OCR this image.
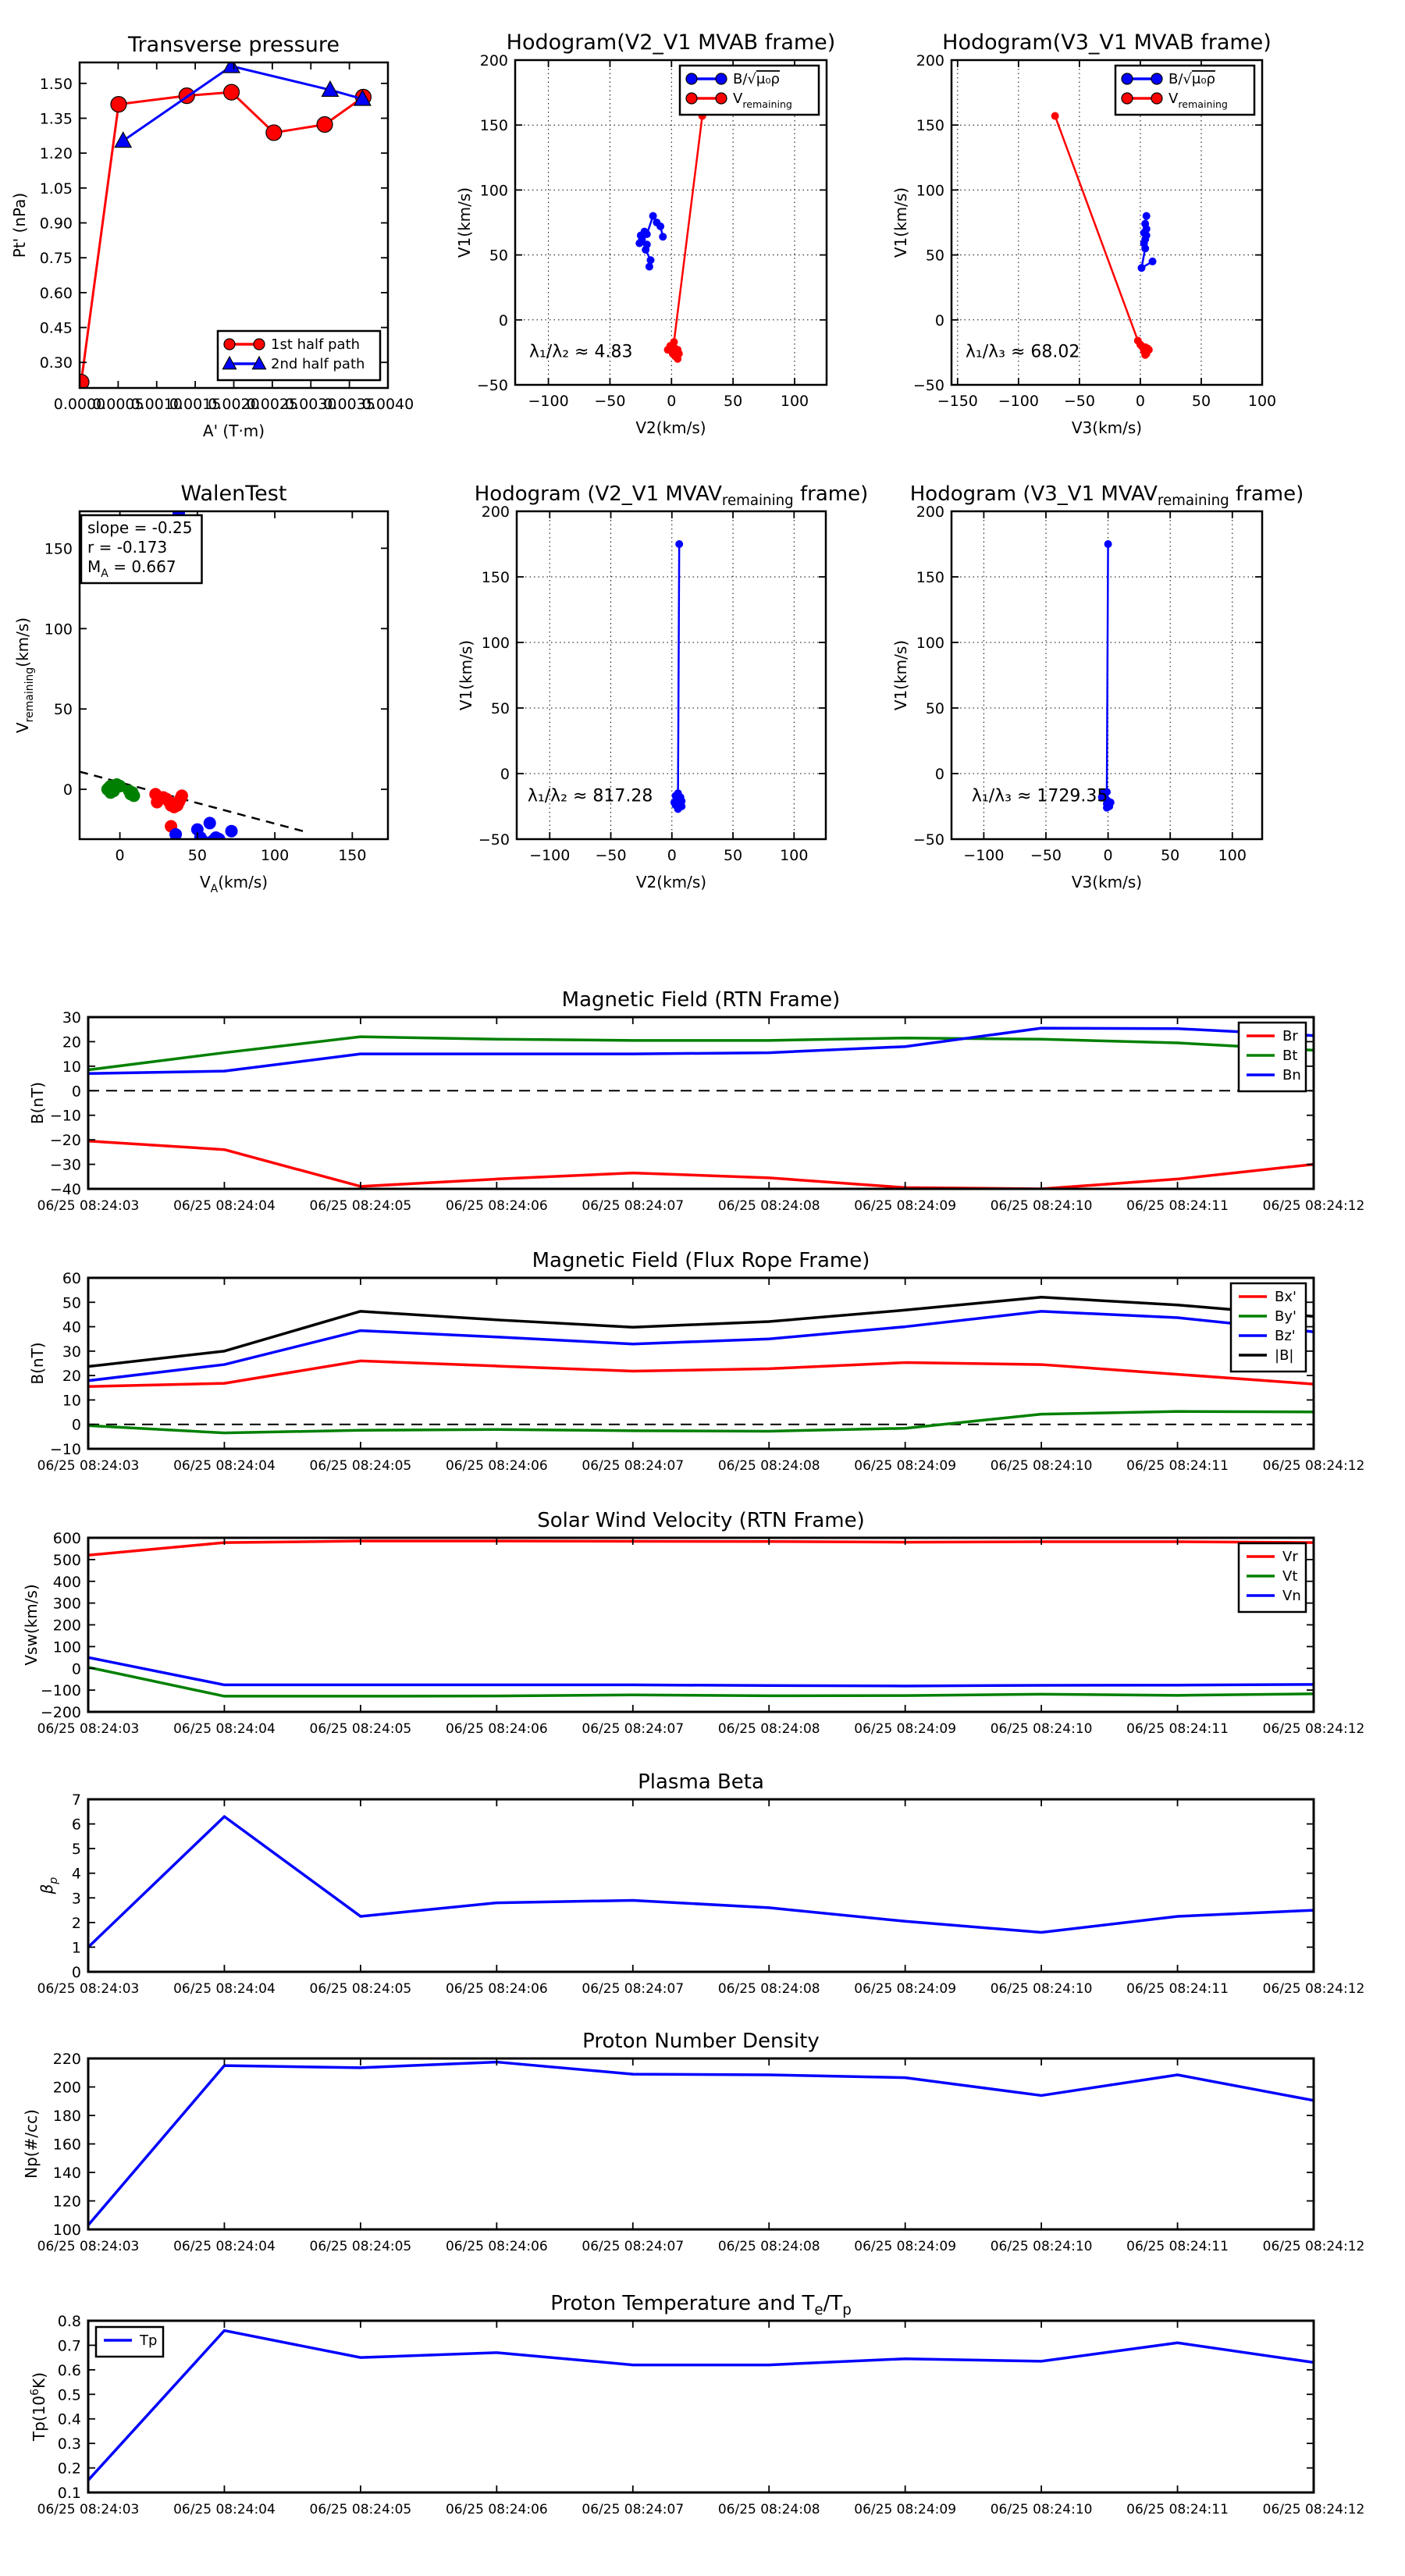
0.0000
0.0005
0.0010
0.0015
0.0020
0.0025
0.0030
0.0035
0.0040
0.30
0.45
0.60
0.75
0.90
1.05
1.20
1.35
1.50
Transverse pressure
A' (T·m)
Pt' (nPa)
1st half path
2nd half path
−100 −50	0	50	100
−50
0
50
100
150
200
Hodogram(V2_V1 MVAB frame)
V2(km/s)
V1(km/s)
λ₁/λ₂ ≈ 4.83
B/√μ₀ρ
$V_{remaining}$
−150 −100 −50	0	50	100
−50
0
50
100
150
200
Hodogram(V3_V1 MVAB frame)
V3(km/s)
V1(km/s)
λ₁/λ₃ ≈ 68.02
B/√μ₀ρ
$V_{remaining}$
0	50	100	150
0
50
100
150
WalenTest
$V_A(km/s)$
$V_{remaining}(km/s)$
slope = -0.25
r = -0.173
$M_A = 0.667$
−100 −50	0	50	100
−50
0
50
100
150
200
Hodogram (V2_V1 $MVAV_{remaining}$ frame)
V2(km/s)
V1(km/s)
λ₁/λ₂ ≈ 817.28
−100 −50	0	50	100
−50
0
50
100
150
200
Hodogram (V3_V1 $MVAV_{remaining}$ frame)
V3(km/s)
V1(km/s)
λ₁/λ₃ ≈ 1729.35
06/25 08:24:03	06/25 08:24:04	06/25 08:24:05	06/25 08:24:06	06/25 08:24:07	06/25 08:24:08	06/25 08:24:09	06/25 08:24:10	06/25 08:24:11	06/25 08:24:12
−40
−30
−20
−10
0
10
20
30
Magnetic Field (RTN Frame)
B(nT)
Br
Bt
Bn
06/25 08:24:03	06/25 08:24:04	06/25 08:24:05	06/25 08:24:06	06/25 08:24:07	06/25 08:24:08	06/25 08:24:09	06/25 08:24:10	06/25 08:24:11	06/25 08:24:12
−10
0
10
20
30
40
50
60
Magnetic Field (Flux Rope Frame)
B(nT)
Bx'
By'
Bz'
|B|
06/25 08:24:03	06/25 08:24:04	06/25 08:24:05	06/25 08:24:06	06/25 08:24:07	06/25 08:24:08	06/25 08:24:09	06/25 08:24:10	06/25 08:24:11	06/25 08:24:12
−200
−100
0
100
200
300
400
500
600
Solar Wind Velocity (RTN Frame)
Vsw(km/s)
Vr
Vt
Vn
06/25 08:24:03	06/25 08:24:04	06/25 08:24:05	06/25 08:24:06	06/25 08:24:07	06/25 08:24:08	06/25 08:24:09	06/25 08:24:10	06/25 08:24:11	06/25 08:24:12
0
1
2
3
4
5
6
7
Plasma Beta
$\beta_p$
06/25 08:24:03	06/25 08:24:04	06/25 08:24:05	06/25 08:24:06	06/25 08:24:07	06/25 08:24:08	06/25 08:24:09	06/25 08:24:10	06/25 08:24:11	06/25 08:24:12
100
120
140
160
180
200
220
Proton Number Density
Np(#/cc)
06/25 08:24:03	06/25 08:24:04	06/25 08:24:05	06/25 08:24:06	06/25 08:24:07	06/25 08:24:08	06/25 08:24:09	06/25 08:24:10	06/25 08:24:11	06/25 08:24:12
0.1
0.2
0.3
0.4
0.5
0.6
0.7
0.8
Proton Temperature and $T_e/T_p$
$Tp(10^6K)$
Tp
